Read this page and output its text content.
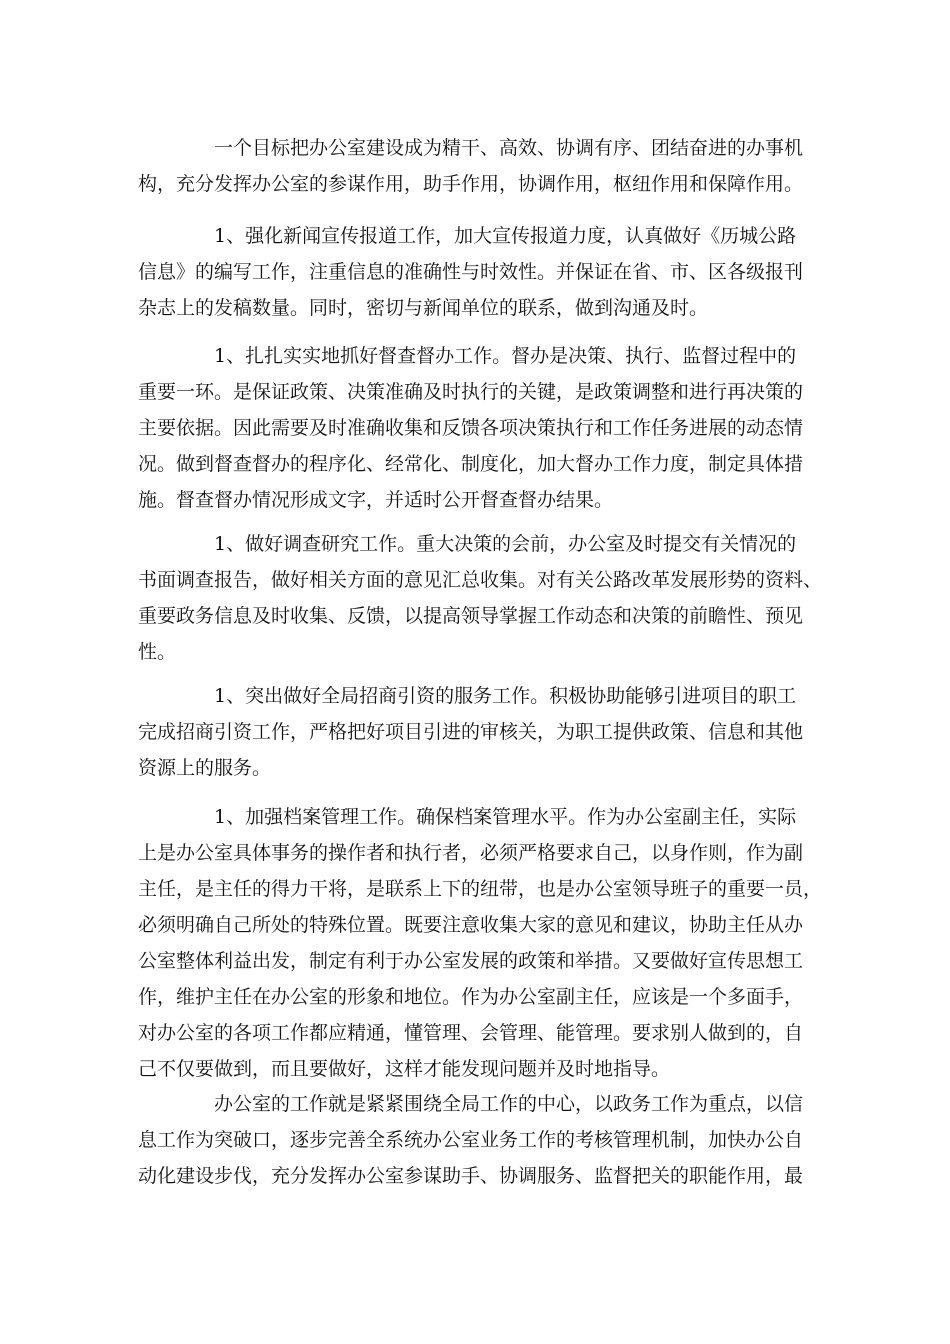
一个目标把办公室建设成为精干、高效、协调有序、团结奋进的办事机
构，充分发挥办公室的参谋作用，助手作用，协调作用，枢纽作用和保障作用。
1、强化新闻宣传报道工作，加大宣传报道力度，认真做好《历城公路
信息》的编写工作，注重信息的准确性与时效性。并保证在省、市、区各级报刊
杂志上的发稿数量。同时，密切与新闻单位的联系，做到沟通及时。
1、扎扎实实地抓好督查督办工作。督办是决策、执行、监督过程中的
重要一环。是保证政策、决策准确及时执行的关键，是政策调整和进行再决策的
主要依据。因此需要及时准确收集和反馈各项决策执行和工作任务进展的动态情
况。做到督查督办的程序化、经常化、制度化，加大督办工作力度，制定具体措
施。督查督办情况形成文字，并适时公开督查督办结果。
1、做好调查研究工作。重大决策的会前，办公室及时提交有关情况的
书面调查报告，做好相关方面的意见汇总收集。对有关公路改革发展形势的资料、
重要政务信息及时收集、反馈，以提高领导掌握工作动态和决策的前瞻性、预见
性。
1、突出做好全局招商引资的服务工作。积极协助能够引进项目的职工
完成招商引资工作，严格把好项目引进的审核关，为职工提供政策、信息和其他
资源上的服务。
1、加强档案管理工作。确保档案管理水平。作为办公室副主任，实际
上是办公室具体事务的操作者和执行者，必须严格要求自己，以身作则，作为副
主任，是主任的得力干将，是联系上下的纽带，也是办公室领导班子的重要一员，
必须明确自己所处的特殊位置。既要注意收集大家的意见和建议，协助主任从办
公室整体利益出发，制定有利于办公室发展的政策和举措。又要做好宣传思想工
作，维护主任在办公室的形象和地位。作为办公室副主任，应该是一个多面手，
对办公室的各项工作都应精通，懂管理、会管理、能管理。要求别人做到的，自
己不仅要做到，而且要做好，这样才能发现问题并及时地指导。
办公室的工作就是紧紧围绕全局工作的中心，以政务工作为重点，以信
息工作为突破口，逐步完善全系统办公室业务工作的考核管理机制，加快办公自
动化建设步伐，充分发挥办公室参谋助手、协调服务、监督把关的职能作用，最
